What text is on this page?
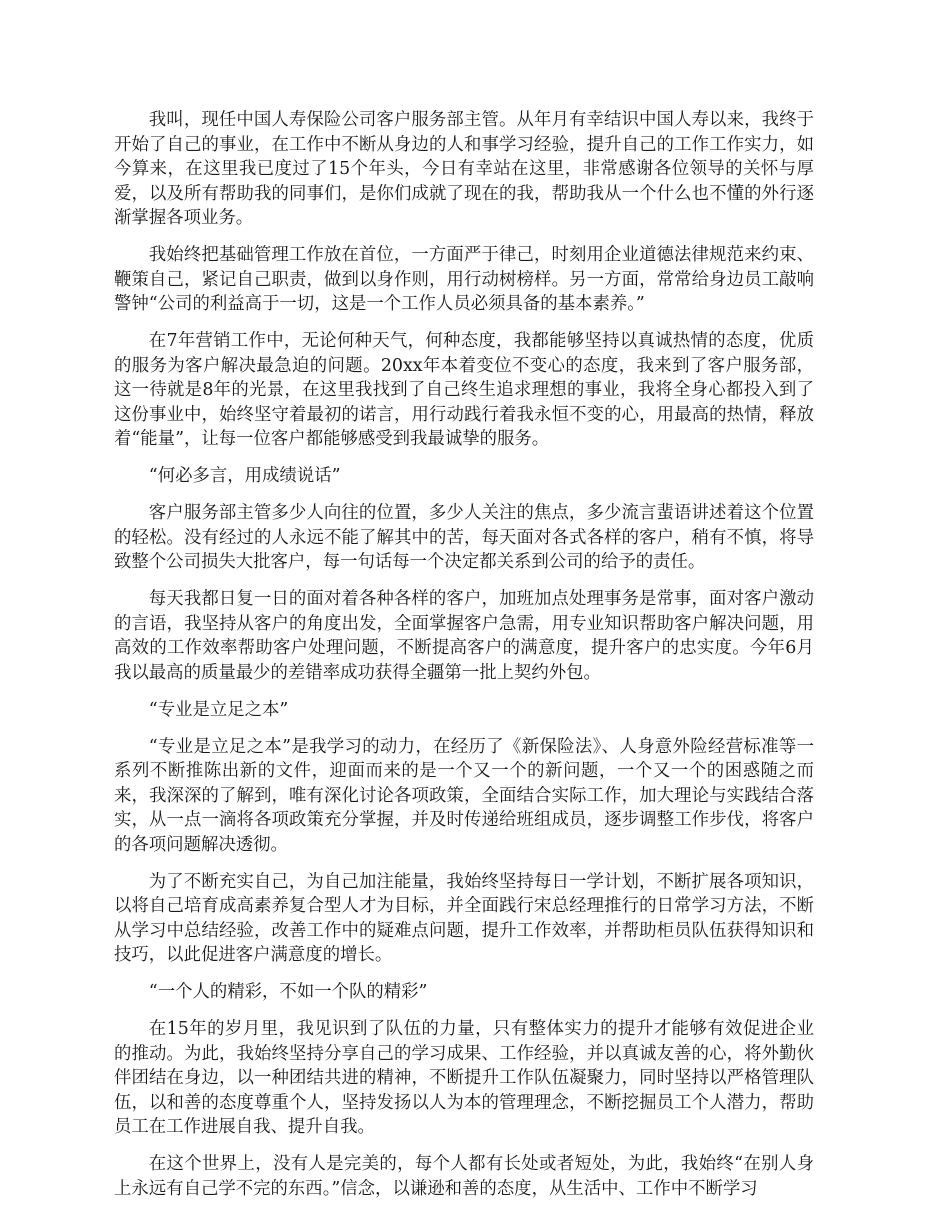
我叫，现任中国人寿保险公司客户服务部主管。从年月有幸结识中国人寿以来，我终于开始了自己的事业，在工作中不断从身边的人和事学习经验，提升自己的工作工作实力，如今算来，在这里我已度过了15个年头，今日有幸站在这里，非常感谢各位领导的关怀与厚爱，以及所有帮助我的同事们，是你们成就了现在的我，帮助我从一个什么也不懂的外行逐渐掌握各项业务。

我始终把基础管理工作放在首位，一方面严于律己，时刻用企业道德法律规范来约束、鞭策自己，紧记自己职责，做到以身作则，用行动树榜样。另一方面，常常给身边员工敲响警钟“公司的利益高于一切，这是一个工作人员必须具备的基本素养。”

在7年营销工作中，无论何种天气，何种态度，我都能够坚持以真诚热情的态度，优质的服务为客户解决最急迫的问题。20xx年本着变位不变心的态度，我来到了客户服务部，这一待就是8年的光景，在这里我找到了自己终生追求理想的事业，我将全身心都投入到了这份事业中，始终坚守着最初的诺言，用行动践行着我永恒不变的心，用最高的热情，释放着“能量”，让每一位客户都能够感受到我最诚挚的服务。

“何必多言，用成绩说话”

客户服务部主管多少人向往的位置，多少人关注的焦点，多少流言蜚语讲述着这个位置的轻松。没有经过的人永远不能了解其中的苦，每天面对各式各样的客户，稍有不慎，将导致整个公司损失大批客户，每一句话每一个决定都关系到公司的给予的责任。

每天我都日复一日的面对着各种各样的客户，加班加点处理事务是常事，面对客户激动的言语，我坚持从客户的角度出发，全面掌握客户急需，用专业知识帮助客户解决问题，用高效的工作效率帮助客户处理问题，不断提高客户的满意度，提升客户的忠实度。今年6月我以最高的质量最少的差错率成功获得全疆第一批上契约外包。

“专业是立足之本”

“专业是立足之本”是我学习的动力，在经历了《新保险法》、人身意外险经营标准等一系列不断推陈出新的文件，迎面而来的是一个又一个的新问题，一个又一个的困惑随之而来，我深深的了解到，唯有深化讨论各项政策，全面结合实际工作，加大理论与实践结合落实，从一点一滴将各项政策充分掌握，并及时传递给班组成员，逐步调整工作步伐，将客户的各项问题解决透彻。

为了不断充实自己，为自己加注能量，我始终坚持每日一学计划，不断扩展各项知识，以将自己培育成高素养复合型人才为目标，并全面践行宋总经理推行的日常学习方法，不断从学习中总结经验，改善工作中的疑难点问题，提升工作效率，并帮助柜员队伍获得知识和技巧，以此促进客户满意度的增长。

“一个人的精彩，不如一个队的精彩”

在15年的岁月里，我见识到了队伍的力量，只有整体实力的提升才能够有效促进企业的推动。为此，我始终坚持分享自己的学习成果、工作经验，并以真诚友善的心，将外勤伙伴团结在身边，以一种团结共进的精神，不断提升工作队伍凝聚力，同时坚持以严格管理队伍，以和善的态度尊重个人，坚持发扬以人为本的管理理念，不断挖掘员工个人潜力，帮助员工在工作进展自我、提升自我。

在这个世界上，没有人是完美的，每个人都有长处或者短处，为此，我始终“在别人身上永远有自己学不完的东西。”信念，以谦逊和善的态度，从生活中、工作中不断学习
